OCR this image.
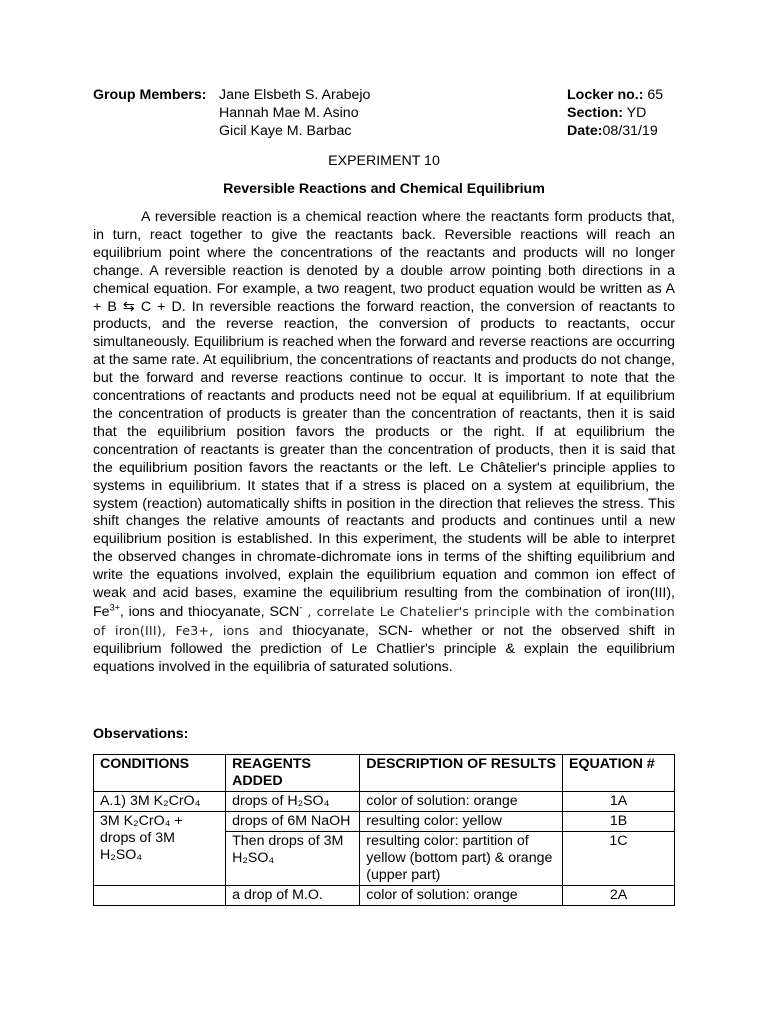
Group Members: Jane Elsbeth S. Arabejo	Locker no.: 65
Hannah Mae M. Asino	Section: YD
Gicil Kaye M. Barbac	Date:08/31/19
EXPERIMENT 10
Reversible Reactions and Chemical Equilibrium
A reversible reaction is a chemical reaction where the reactants form products that, in turn, react together to give the reactants back. Reversible reactions will reach an equilibrium point where the concentrations of the reactants and products will no longer change. A reversible reaction is denoted by a double arrow pointing both directions in a chemical equation. For example, a two reagent, two product equation would be written as A + B ⇆ C + D. In reversible reactions the forward reaction, the conversion of reactants to products, and the reverse reaction, the conversion of products to reactants, occur simultaneously. Equilibrium is reached when the forward and reverse reactions are occurring at the same rate. At equilibrium, the concentrations of reactants and products do not change, but the forward and reverse reactions continue to occur. It is important to note that the concentrations of reactants and products need not be equal at equilibrium. If at equilibrium the concentration of products is greater than the concentration of reactants, then it is said that the equilibrium position favors the products or the right. If at equilibrium the concentration of reactants is greater than the concentration of products, then it is said that the equilibrium position favors the reactants or the left. Le Châtelier's principle applies to systems in equilibrium. It states that if a stress is placed on a system at equilibrium, the system (reaction) automatically shifts in position in the direction that relieves the stress. This shift changes the relative amounts of reactants and products and continues until a new equilibrium position is established. In this experiment, the students will be able to interpret the observed changes in chromate-dichromate ions in terms of the shifting equilibrium and write the equations involved, explain the equilibrium equation and common ion effect of weak and acid bases, examine the equilibrium resulting from the combination of iron(III), $Fe^{3+}$, ions and thiocyanate, SCN- , correlate Le Chatelier's principle with the combination of iron(III), Fe3+, ions and thiocyanate, SCN- whether or not the observed shift in equilibrium followed the prediction of Le Chatlier's principle & explain the equilibrium equations involved in the equilibria of saturated solutions.
Observations:
CONDITIONS	REAGENTS ADDED	DESCRIPTION OF RESULTS	EQUATION #
A.1) 3M K₂CrO₄	drops of H₂SO₄	color of solution: orange	1A
3M K₂CrO₄ + drops of 3M H₂SO₄	drops of 6M NaOH	resulting color: yellow	1B
	Then drops of 3M H₂SO₄	resulting color: partition of yellow (bottom part) & orange (upper part)	1C
	a drop of M.O.	color of solution: orange	2A
